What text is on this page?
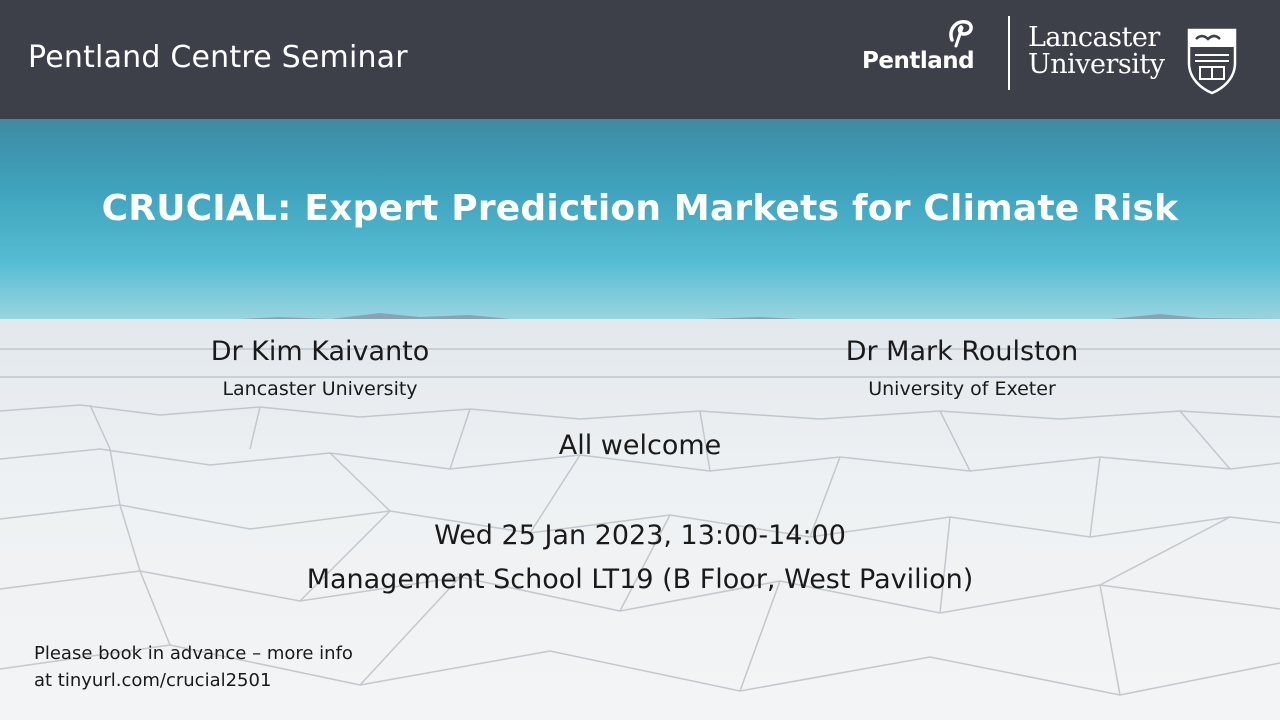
Pentland Centre Seminar	Pentland
Lancaster
University
CRUCIAL: Expert Prediction Markets for Climate Risk
Dr Kim Kaivanto
Lancaster University
Dr Mark Roulston
University of Exeter
All welcome
Wed 25 Jan 2023, 13:00-14:00
Management School LT19 (B Floor, West Pavilion)
Please book in advance – more info
at tinyurl.com/crucial2501
